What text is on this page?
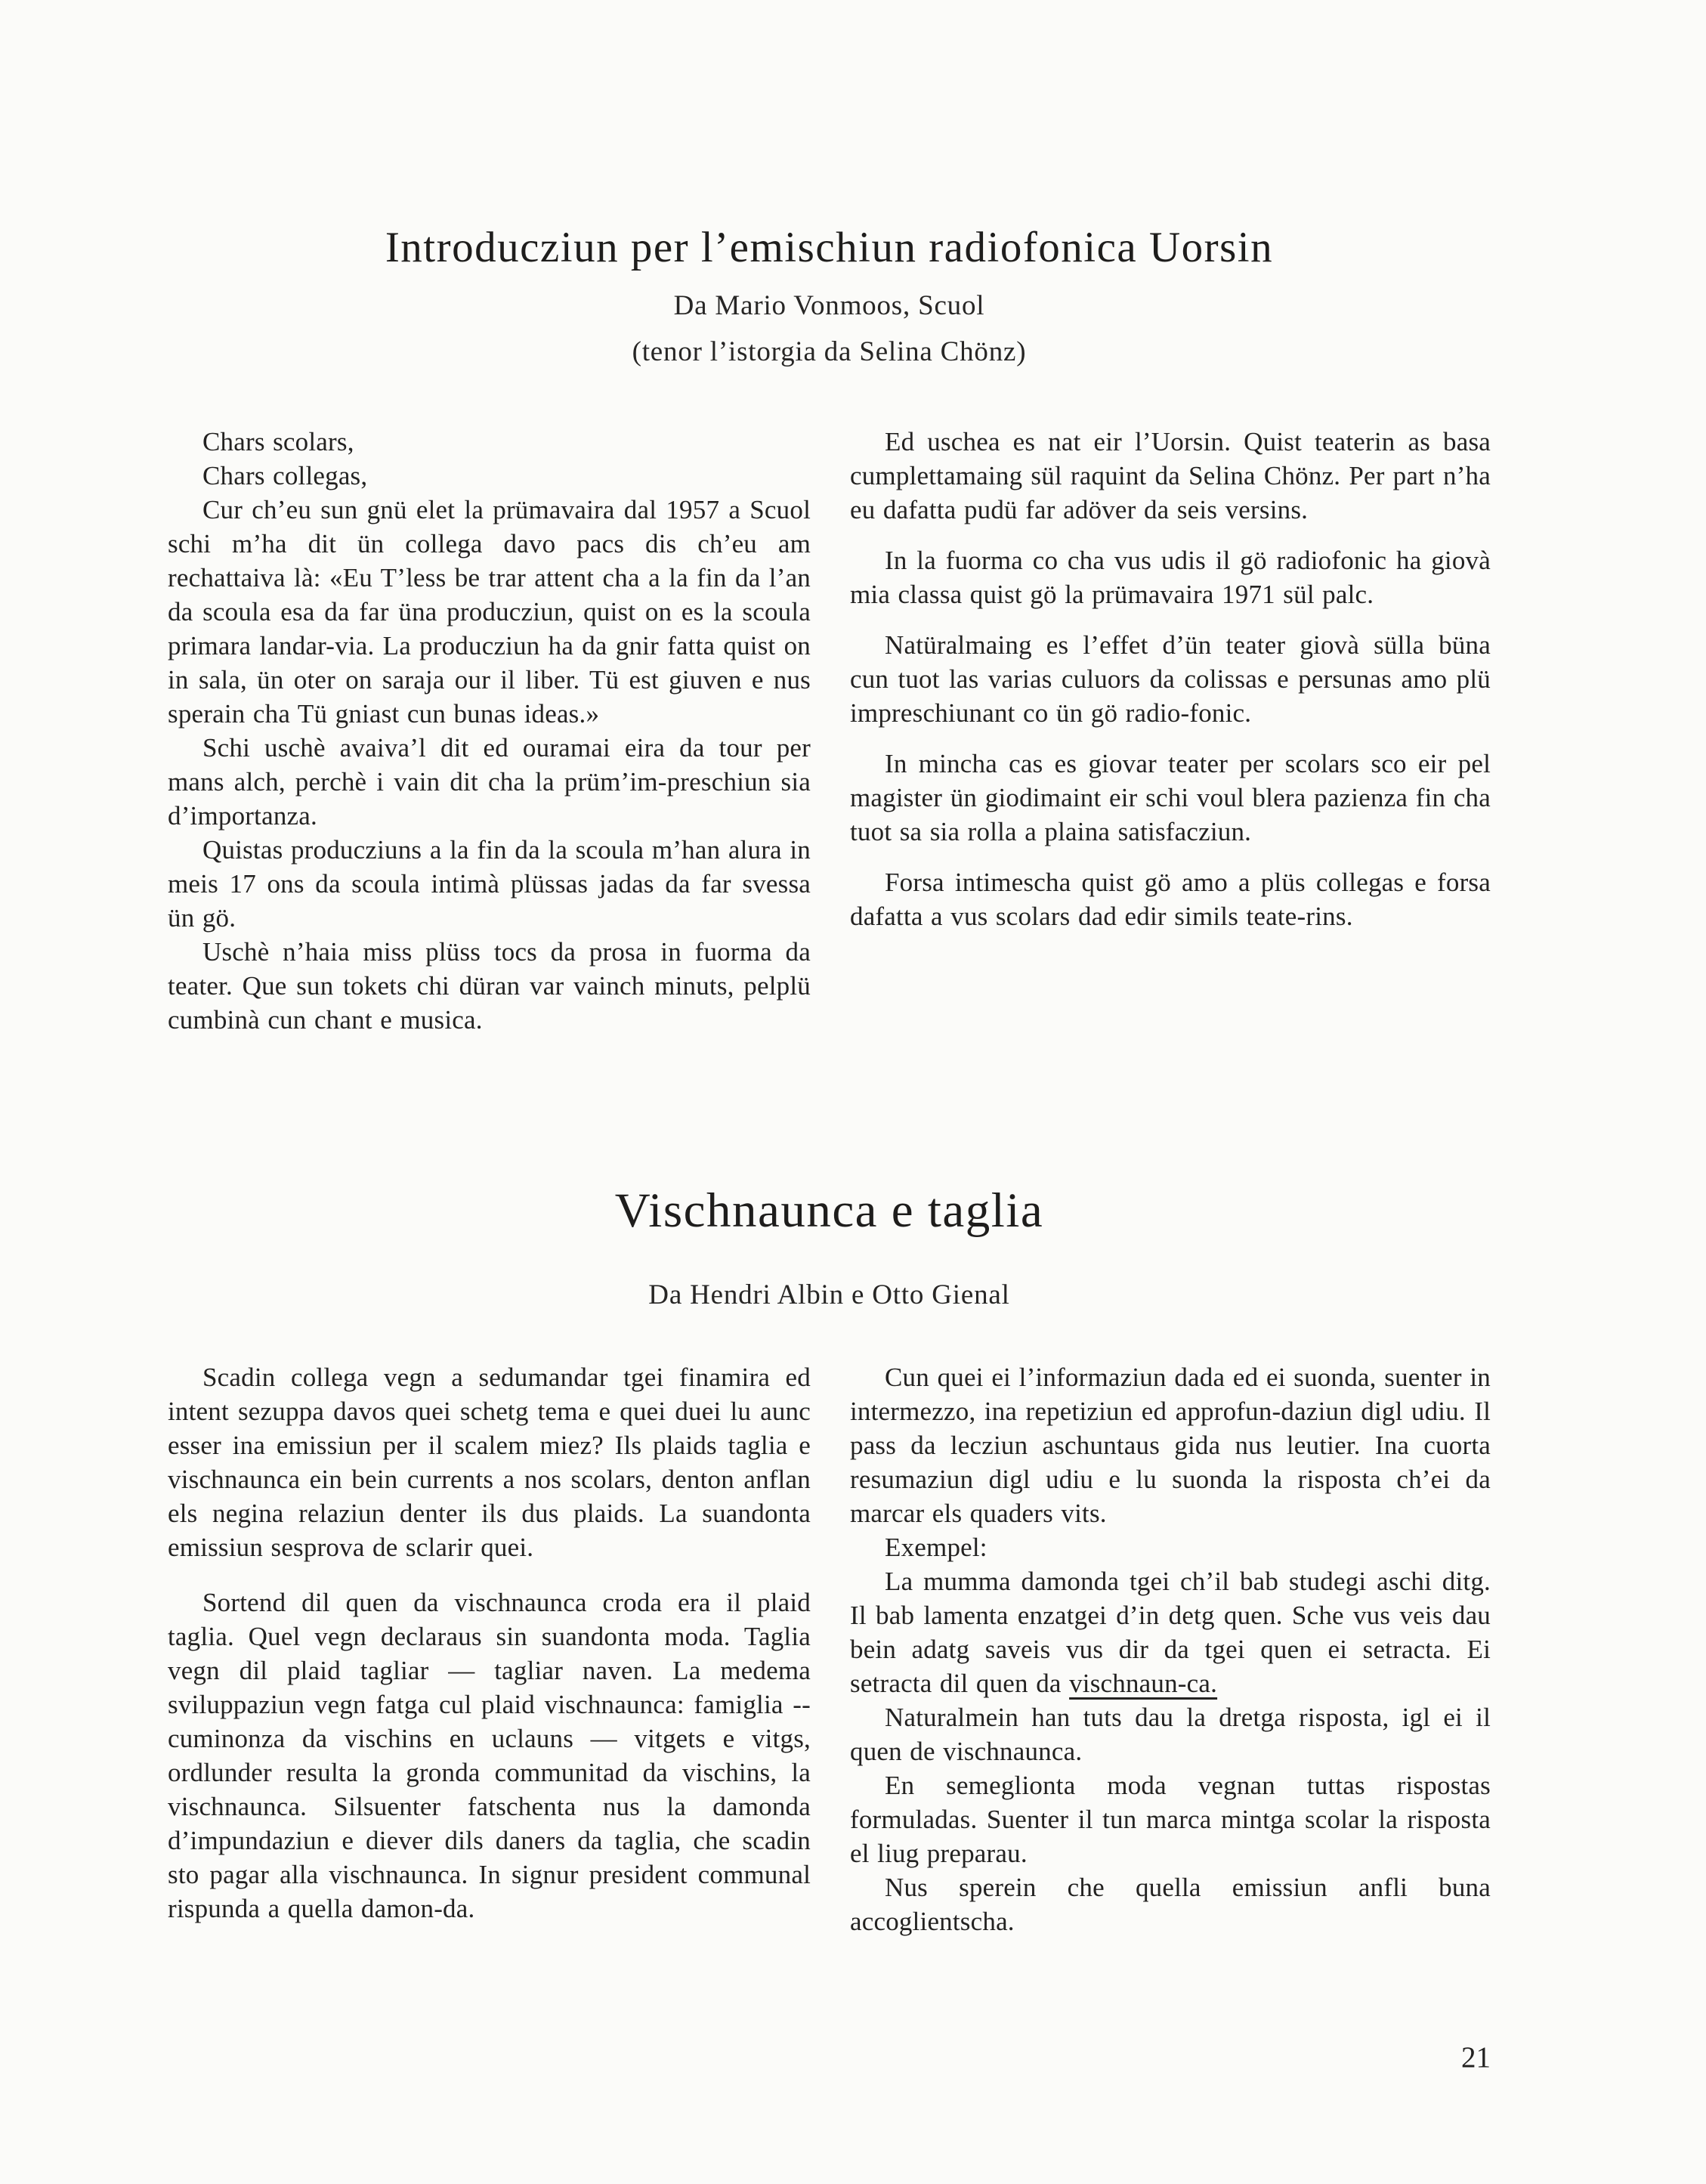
Introducziun per l’emischiun radiofonica Uorsin
Da Mario Vonmoos, Scuol
(tenor l’istorgia da Selina Chönz)

Chars scolars,

Chars collegas,

Cur ch’eu sun gnü elet la prümavaira dal 1957 a Scuol schi m’ha dit ün collega davo pacs dis ch’eu am rechattaiva là: «Eu T’less be trar attent cha a la fin da l’an da scoula esa da far üna producziun, quist on es la scoula primara landar-via. La producziun ha da gnir fatta quist on in sala, ün oter on saraja our il liber. Tü est giuven e nus sperain cha Tü gniast cun bunas ideas.»

Schi uschè avaiva’l dit ed ouramai eira da tour per mans alch, perchè i vain dit cha la prüm’im-preschiun sia d’importanza.

Quistas producziuns a la fin da la scoula m’han alura in meis 17 ons da scoula intimà plüssas jadas da far svessa ün gö.

Uschè n’haia miss plüss tocs da prosa in fuorma da teater. Que sun tokets chi düran var vainch minuts, pelplü cumbinà cun chant e musica.

Ed uschea es nat eir l’Uorsin. Quist teaterin as basa cumplettamaing sül raquint da Selina Chönz. Per part n’ha eu dafatta pudü far adöver da seis versins.

In la fuorma co cha vus udis il gö radiofonic ha giovà mia classa quist gö la prümavaira 1971 sül palc.

Natüralmaing es l’effet d’ün teater giovà sülla büna cun tuot las varias culuors da colissas e persunas amo plü impreschiunant co ün gö radio-fonic.

In mincha cas es giovar teater per scolars sco eir pel magister ün giodimaint eir schi voul blera pazienza fin cha tuot sa sia rolla a plaina satisfacziun.

Forsa intimescha quist gö amo a plüs collegas e forsa dafatta a vus scolars dad edir simils teate-rins.

Vischnaunca e taglia
Da Hendri Albin e Otto Gienal

Scadin collega vegn a sedumandar tgei finamira ed intent sezuppa davos quei schetg tema e quei duei lu aunc esser ina emissiun per il scalem miez? Ils plaids taglia e vischnaunca ein bein currents a nos scolars, denton anflan els negina relaziun denter ils dus plaids. La suandonta emissiun sesprova de sclarir quei.

Sortend dil quen da vischnaunca croda era il plaid taglia. Quel vegn declaraus sin suandonta moda. Taglia vegn dil plaid tagliar — tagliar naven. La medema sviluppaziun vegn fatga cul plaid vischnaunca: famiglia -- cuminonza da vischins en uclauns — vitgets e vitgs, ordlunder resulta la gronda communitad da vischins, la vischnaunca. Silsuenter fatschenta nus la damonda d’impundaziun e diever dils daners da taglia, che scadin sto pagar alla vischnaunca. In signur president communal rispunda a quella damon-da.

Cun quei ei l’informaziun dada ed ei suonda, suenter in intermezzo, ina repetiziun ed approfun-daziun digl udiu. Il pass da lecziun aschuntaus gida nus leutier. Ina cuorta resumaziun digl udiu e lu suonda la risposta ch’ei da marcar els quaders vits.

Exempel:

La mumma damonda tgei ch’il bab studegi aschi ditg. Il bab lamenta enzatgei d’in detg quen. Sche vus veis dau bein adatg saveis vus dir da tgei quen ei setracta. Ei setracta dil quen da vischnaun-ca.

Naturalmein han tuts dau la dretga risposta, igl ei il quen de vischnaunca.

En semeglionta moda vegnan tuttas rispostas formuladas. Suenter il tun marca mintga scolar la risposta el liug preparau.

Nus sperein che quella emissiun anfli buna accoglientscha.

21
